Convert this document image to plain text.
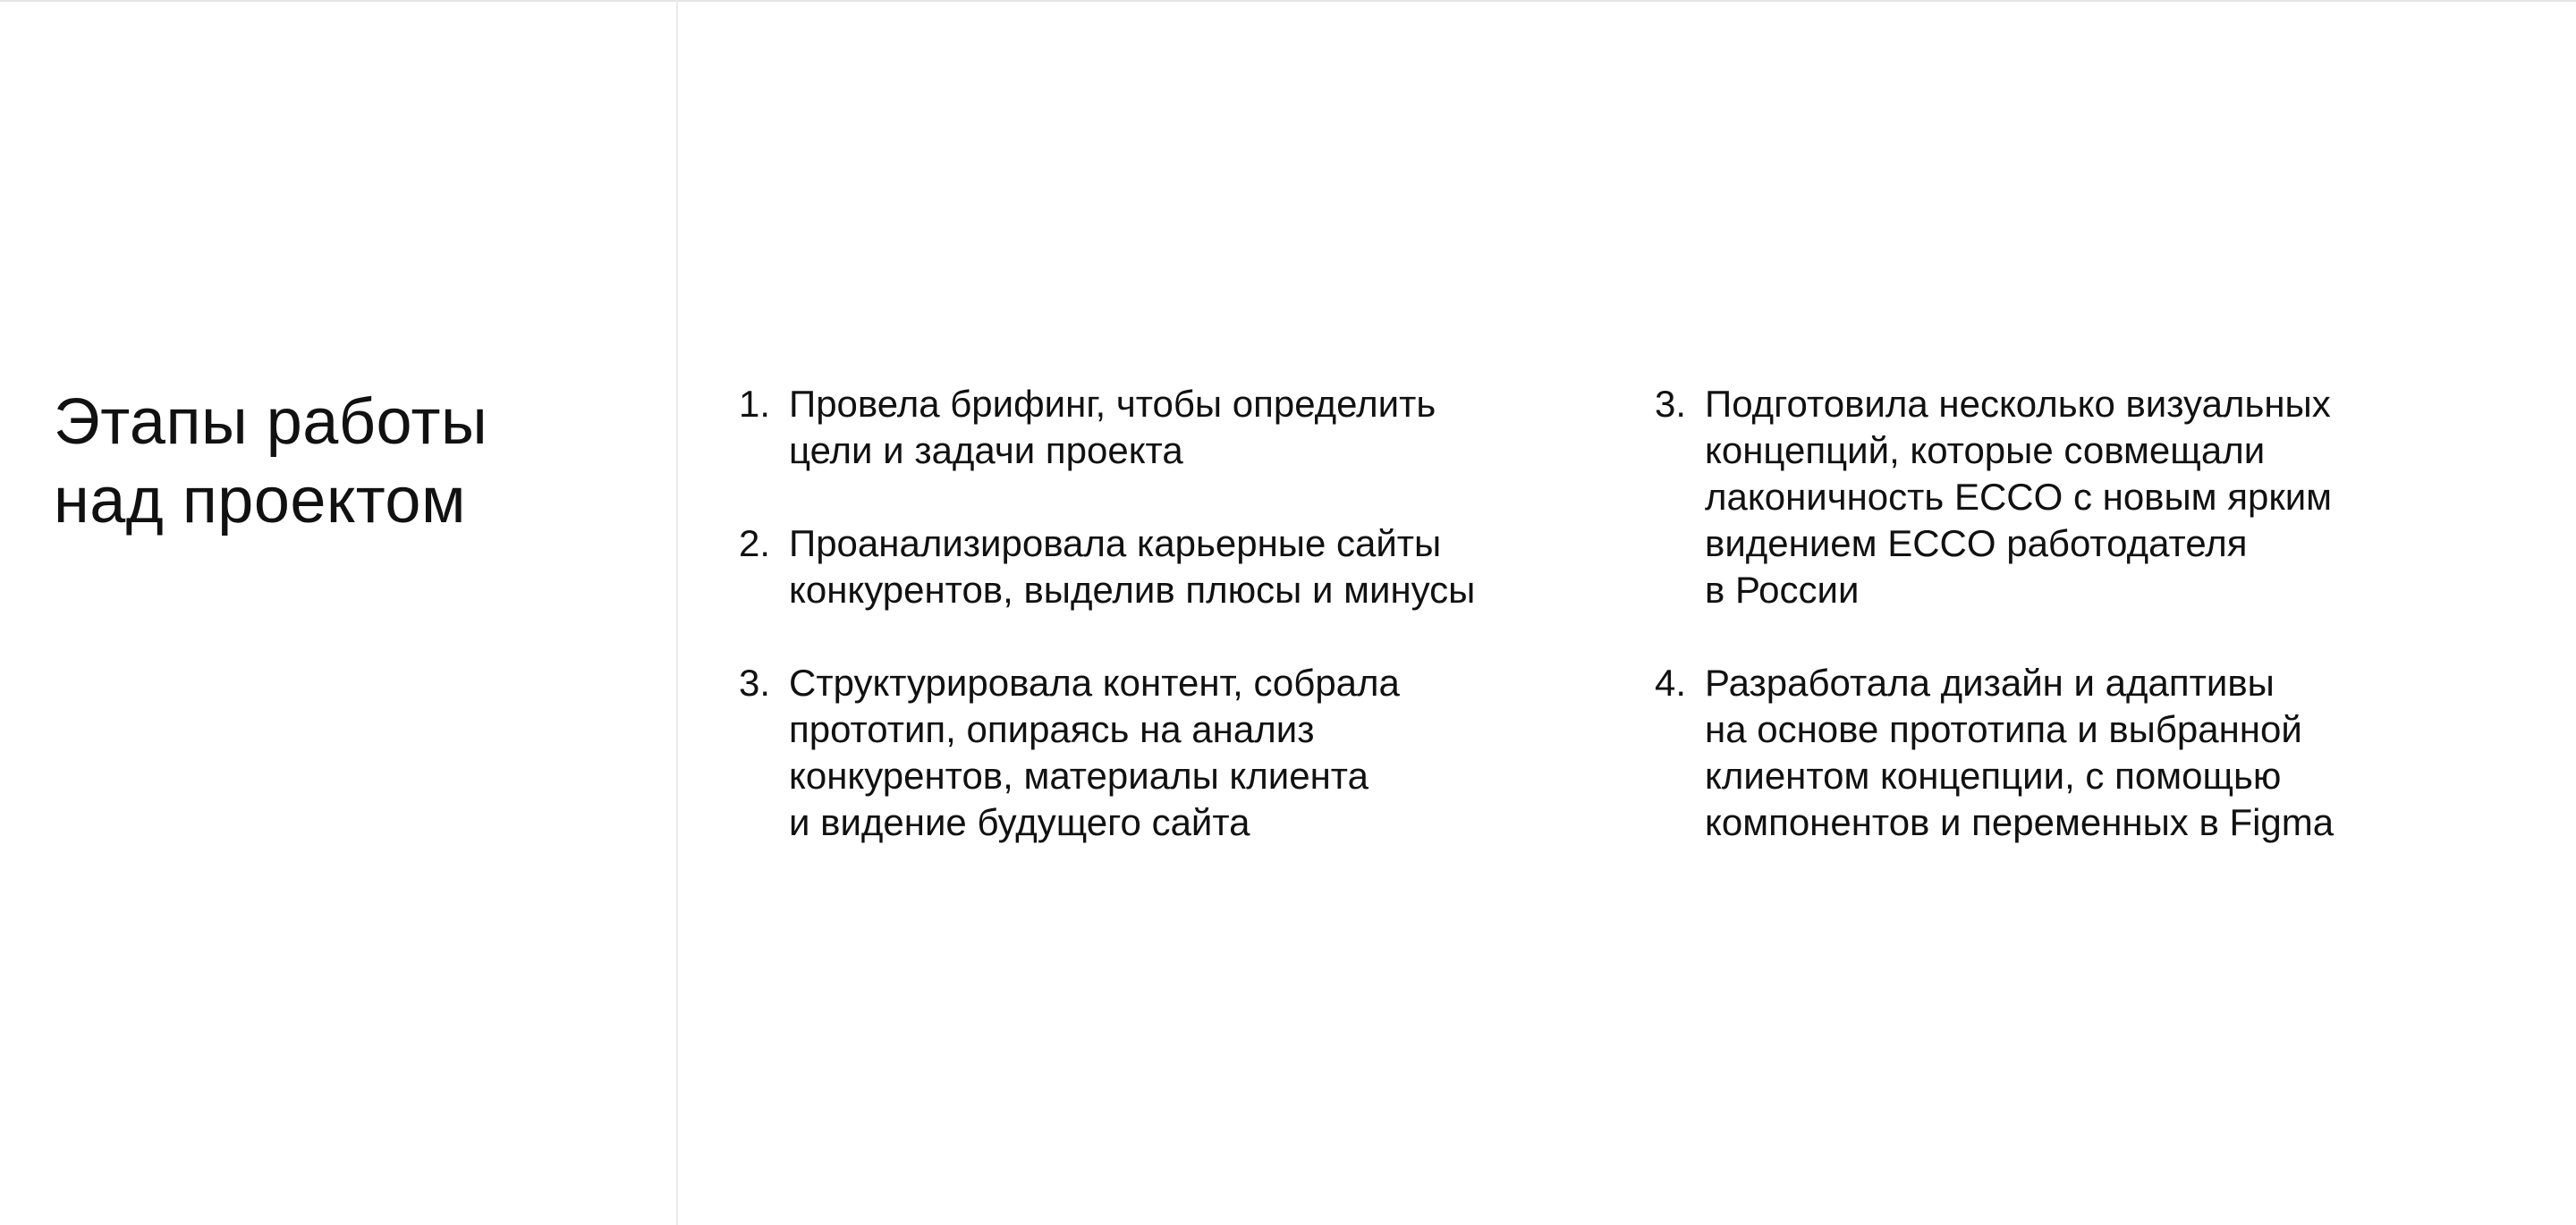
Этапы работы
над проектом
1. Провела брифинг, чтобы определить
цели и задачи проекта
2. Проанализировала карьерные сайты
конкурентов, выделив плюсы и минусы
3. Структурировала контент, собрала
прототип, опираясь на анализ
конкурентов, материалы клиента
и видение будущего сайта
3. Подготовила несколько визуальных
концепций, которые совмещали
лаконичность ECCO с новым ярким
видением ECCO работодателя
в России
4. Разработала дизайн и адаптивы
на основе прототипа и выбранной
клиентом концепции, с помощью
компонентов и переменных в Figma
